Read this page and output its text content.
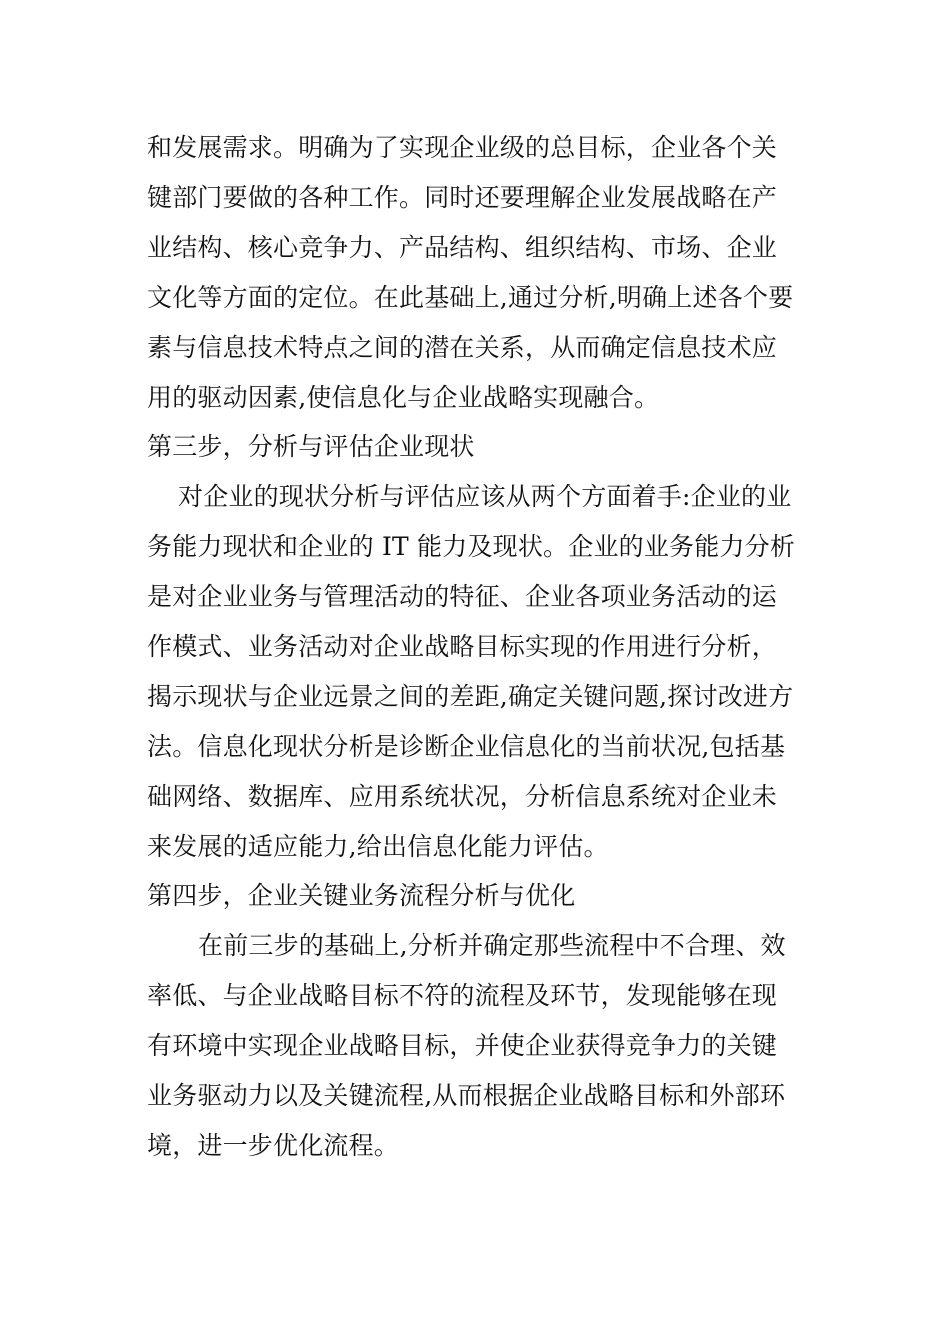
和发展需求。明确为了实现企业级的总目标，企业各个关
键部门要做的各种工作。同时还要理解企业发展战略在产
业结构、核心竞争力、产品结构、组织结构、市场、企业
文化等方面的定位。在此基础上,通过分析,明确上述各个要
素与信息技术特点之间的潜在关系，从而确定信息技术应
用的驱动因素,使信息化与企业战略实现融合。
第三步，分析与评估企业现状
对企业的现状分析与评估应该从两个方面着手:企业的业
务能力现状和企业的 IT 能力及现状。企业的业务能力分析
是对企业业务与管理活动的特征、企业各项业务活动的运
作模式、业务活动对企业战略目标实现的作用进行分析，
揭示现状与企业远景之间的差距,确定关键问题,探讨改进方
法。信息化现状分析是诊断企业信息化的当前状况,包括基
础网络、数据库、应用系统状况，分析信息系统对企业未
来发展的适应能力,给出信息化能力评估。
第四步，企业关键业务流程分析与优化
在前三步的基础上,分析并确定那些流程中不合理、效
率低、与企业战略目标不符的流程及环节，发现能够在现
有环境中实现企业战略目标，并使企业获得竞争力的关键
业务驱动力以及关键流程,从而根据企业战略目标和外部环
境，进一步优化流程。
